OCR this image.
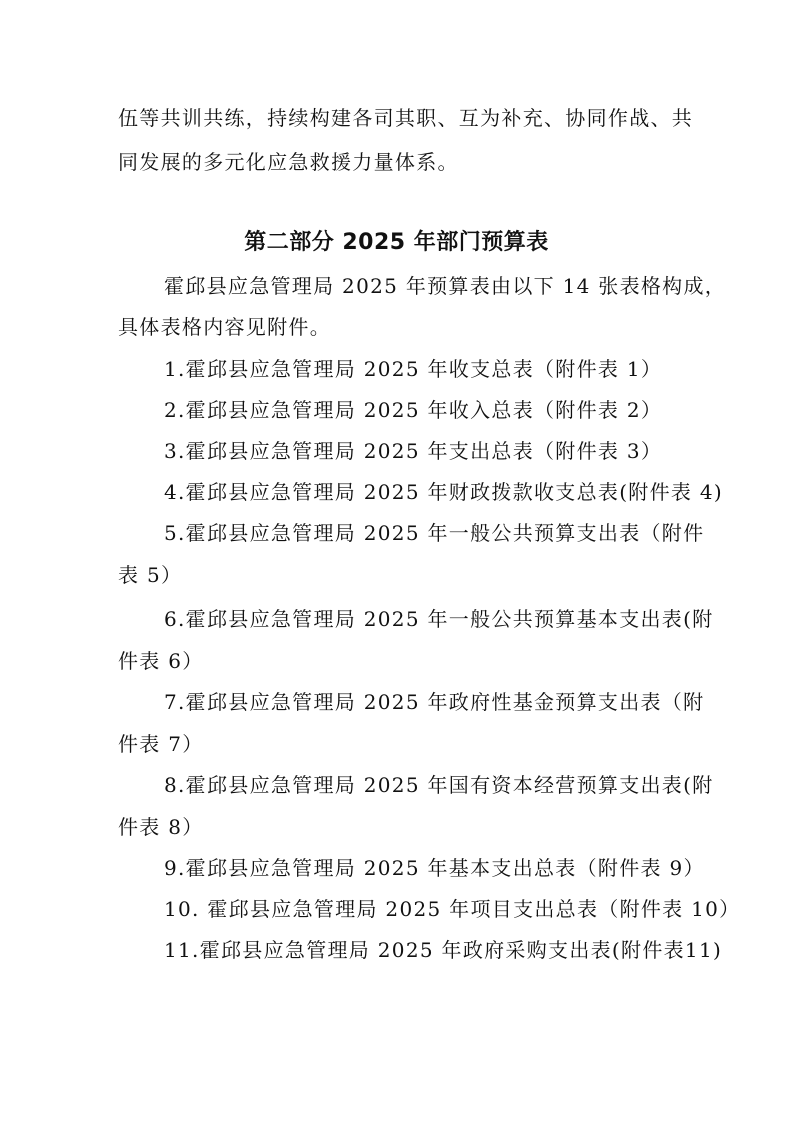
伍等共训共练，持续构建各司其职、互为补充、协同作战、共
同发展的多元化应急救援力量体系。
第二部分 2025 年部门预算表
霍邱县应急管理局 2025 年预算表由以下 14 张表格构成，
具体表格内容见附件。
1.霍邱县应急管理局 2025 年收支总表（附件表 1）
2.霍邱县应急管理局 2025 年收入总表（附件表 2）
3.霍邱县应急管理局 2025 年支出总表（附件表 3）
4.霍邱县应急管理局 2025 年财政拨款收支总表(附件表 4)
5.霍邱县应急管理局 2025 年一般公共预算支出表（附件
表 5）
6.霍邱县应急管理局 2025 年一般公共预算基本支出表(附
件表 6）
7.霍邱县应急管理局 2025 年政府性基金预算支出表（附
件表 7）
8.霍邱县应急管理局 2025 年国有资本经营预算支出表(附
件表 8）
9.霍邱县应急管理局 2025 年基本支出总表（附件表 9）
10. 霍邱县应急管理局 2025 年项目支出总表（附件表 10）
11.霍邱县应急管理局 2025 年政府采购支出表(附件表11)
